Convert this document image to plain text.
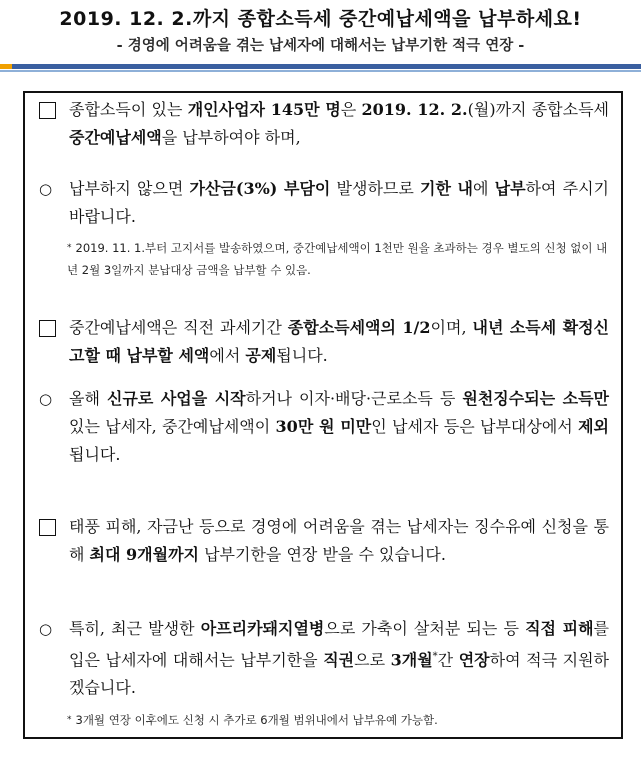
2019. 12. 2.까지 종합소득세 중간예납세액을 납부하세요!
- 경영에 어려움을 겪는 납세자에 대해서는 납부기한 적극 연장 -
종합소득이 있는 개인사업자 145만 명은 2019. 12. 2.(월)까지 종합소득세 중간예납세액을 납부하여야 하며,
○	납부하지 않으면 가산금(3%) 부담이 발생하므로 기한 내에 납부하여 주시기 바랍니다.
* 2019. 11. 1.부터 고지서를 발송하였으며, 중간예납세액이 1천만 원을 초과하는 경우 별도의 신청 없이 내년 2월 3일까지 분납대상 금액을 납부할 수 있음.
중간예납세액은 직전 과세기간 종합소득세액의 1/2이며, 내년 소득세 확정신고할 때 납부할 세액에서 공제됩니다.
○	올해 신규로 사업을 시작하거나 이자·배당·근로소득 등 원천징수되는 소득만 있는 납세자, 중간예납세액이 30만 원 미만인 납세자 등은 납부대상에서 제외됩니다.
태풍 피해, 자금난 등으로 경영에 어려움을 겪는 납세자는 징수유예 신청을 통해 최대 9개월까지 납부기한을 연장 받을 수 있습니다.
○	특히, 최근 발생한 아프리카돼지열병으로 가축이 살처분 되는 등 직접 피해를 입은 납세자에 대해서는 납부기한을 직권으로 3개월*간 연장하여 적극 지원하겠습니다.
* 3개월 연장 이후에도 신청 시 추가로 6개월 범위내에서 납부유예 가능함.
